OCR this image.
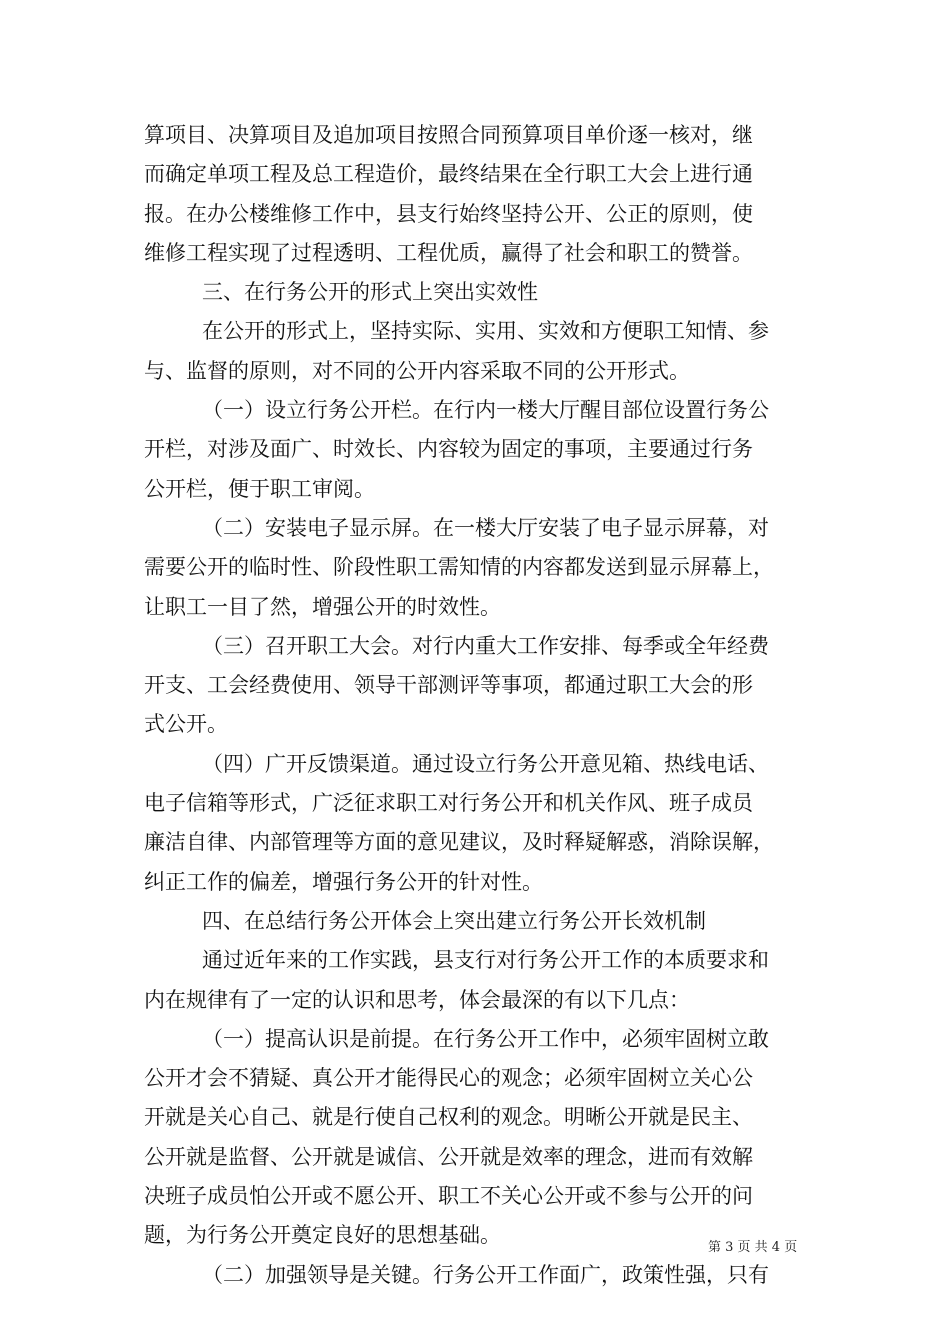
算项目、决算项目及追加项目按照合同预算项目单价逐一核对，继
而确定单项工程及总工程造价，最终结果在全行职工大会上进行通
报。在办公楼维修工作中，县支行始终坚持公开、公正的原则，使
维修工程实现了过程透明、工程优质，赢得了社会和职工的赞誉。
三、在行务公开的形式上突出实效性
在公开的形式上，坚持实际、实用、实效和方便职工知情、参
与、监督的原则，对不同的公开内容采取不同的公开形式。
（一）设立行务公开栏。在行内一楼大厅醒目部位设置行务公
开栏，对涉及面广、时效长、内容较为固定的事项，主要通过行务
公开栏，便于职工审阅。
（二）安装电子显示屏。在一楼大厅安装了电子显示屏幕，对
需要公开的临时性、阶段性职工需知情的内容都发送到显示屏幕上，
让职工一目了然，增强公开的时效性。
（三）召开职工大会。对行内重大工作安排、每季或全年经费
开支、工会经费使用、领导干部测评等事项，都通过职工大会的形
式公开。
（四）广开反馈渠道。通过设立行务公开意见箱、热线电话、
电子信箱等形式，广泛征求职工对行务公开和机关作风、班子成员
廉洁自律、内部管理等方面的意见建议，及时释疑解惑，消除误解，
纠正工作的偏差，增强行务公开的针对性。
四、在总结行务公开体会上突出建立行务公开长效机制
通过近年来的工作实践，县支行对行务公开工作的本质要求和
内在规律有了一定的认识和思考，体会最深的有以下几点：
（一）提高认识是前提。在行务公开工作中，必须牢固树立敢
公开才会不猜疑、真公开才能得民心的观念；必须牢固树立关心公
开就是关心自己、就是行使自己权利的观念。明晰公开就是民主、
公开就是监督、公开就是诚信、公开就是效率的理念，进而有效解
决班子成员怕公开或不愿公开、职工不关心公开或不参与公开的问
题，为行务公开奠定良好的思想基础。
（二）加强领导是关键。行务公开工作面广，政策性强，只有
第 3 页 共 4 页
